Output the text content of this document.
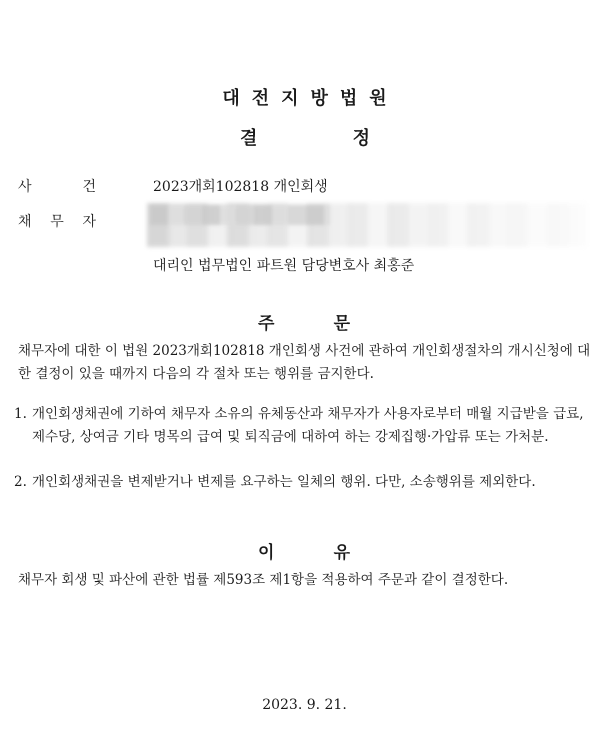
대전지방법원
결	정
사	건	2023개회102818 개인회생
채 무 자
대리인 법무법인 파트원 담당변호사 최홍준
주	문
채무자에 대한 이 법원 2023개회102818 개인회생 사건에 관하여 개인회생절차의 개시신청에 대한 결정이 있을 때까지 다음의 각 절차 또는 행위를 금지한다.
1. 개인회생채권에 기하여 채무자 소유의 유체동산과 채무자가 사용자로부터 매월 지급받을 급료, 제수당, 상여금 기타 명목의 급여 및 퇴직금에 대하여 하는 강제집행·가압류 또는 가처분.
2. 개인회생채권을 변제받거나 변제를 요구하는 일체의 행위. 다만, 소송행위를 제외한다.
이	유
채무자 회생 및 파산에 관한 법률 제593조 제1항을 적용하여 주문과 같이 결정한다.
2023. 9. 21.
